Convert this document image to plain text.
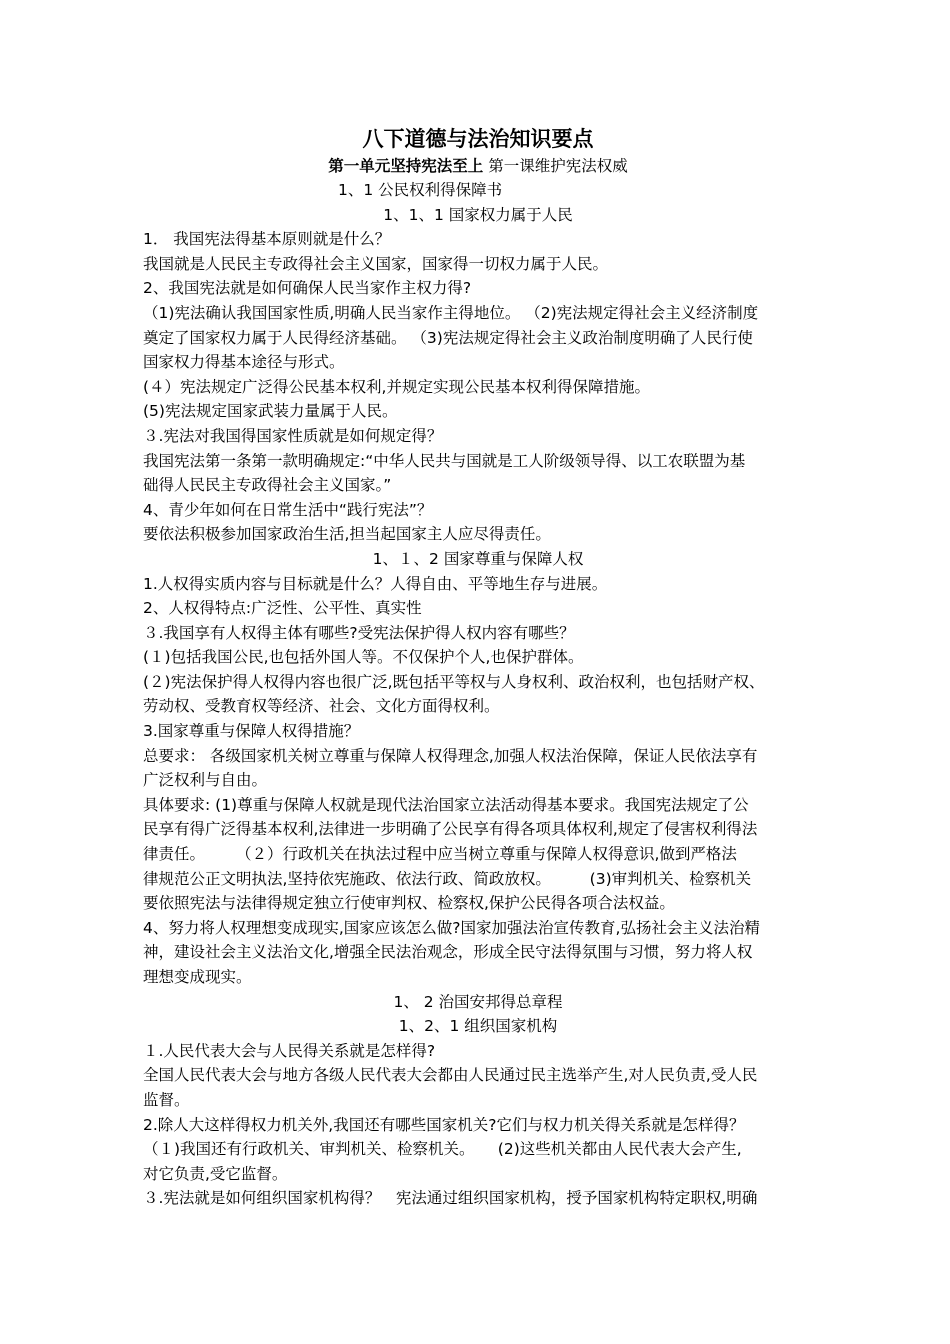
八下道德与法治知识要点
第一单元坚持宪法至上 第一课维护宪法权威
1、1 公民权利得保障书
1、1、1 国家权力属于人民
1． 我国宪法得基本原则就是什么？
我国就是人民民主专政得社会主义国家，国家得一切权力属于人民。
2、我国宪法就是如何确保人民当家作主权力得?
（1)宪法确认我国国家性质,明确人民当家作主得地位。 （2)宪法规定得社会主义经济制度
奠定了国家权力属于人民得经济基础。 （3)宪法规定得社会主义政治制度明确了人民行使
国家权力得基本途径与形式。
(４）宪法规定广泛得公民基本权利,并规定实现公民基本权利得保障措施。
(5)宪法规定国家武装力量属于人民。
３.宪法对我国得国家性质就是如何规定得？
我国宪法第一条第一款明确规定:“中华人民共与国就是工人阶级领导得、以工农联盟为基
础得人民民主专政得社会主义国家。”
4、青少年如何在日常生活中“践行宪法”？
要依法积极参加国家政治生活,担当起国家主人应尽得责任。
1、１、2 国家尊重与保障人权
1.人权得实质内容与目标就是什么？人得自由、平等地生存与进展。
2、人权得特点:广泛性、公平性、真实性
３.我国享有人权得主体有哪些?受宪法保护得人权内容有哪些？
(１)包括我国公民,也包括外国人等。不仅保护个人,也保护群体。
(２)宪法保护得人权得内容也很广泛,既包括平等权与人身权利、政治权利，也包括财产权、
劳动权、受教育权等经济、社会、文化方面得权利。
3.国家尊重与保障人权得措施？
总要求： 各级国家机关树立尊重与保障人权得理念,加强人权法治保障，保证人民依法享有
广泛权利与自由。
具体要求: (1)尊重与保障人权就是现代法治国家立法活动得基本要求。我国宪法规定了公
民享有得广泛得基本权利,法律进一步明确了公民享有得各项具体权利,规定了侵害权利得法
律责任。　　　（２）行政机关在执法过程中应当树立尊重与保障人权得意识,做到严格法
律规范公正文明执法,坚持依宪施政、依法行政、简政放权。　　　(3)审判机关、检察机关
要依照宪法与法律得规定独立行使审判权、检察权,保护公民得各项合法权益。
4、努力将人权理想变成现实,国家应该怎么做?国家加强法治宣传教育,弘扬社会主义法治精
神，建设社会主义法治文化,增强全民法治观念，形成全民守法得氛围与习惯，努力将人权
理想变成现实。
1、 2 治国安邦得总章程
1、2、1 组织国家机构
１.人民代表大会与人民得关系就是怎样得?
全国人民代表大会与地方各级人民代表大会都由人民通过民主选举产生,对人民负责,受人民
监督。
2.除人大这样得权力机关外,我国还有哪些国家机关?它们与权力机关得关系就是怎样得？
（１)我国还有行政机关、审判机关、检察机关。　　(2)这些机关都由人民代表大会产生,
对它负责,受它监督。
３.宪法就是如何组织国家机构得？　宪法通过组织国家机构，授予国家机构特定职权,明确
